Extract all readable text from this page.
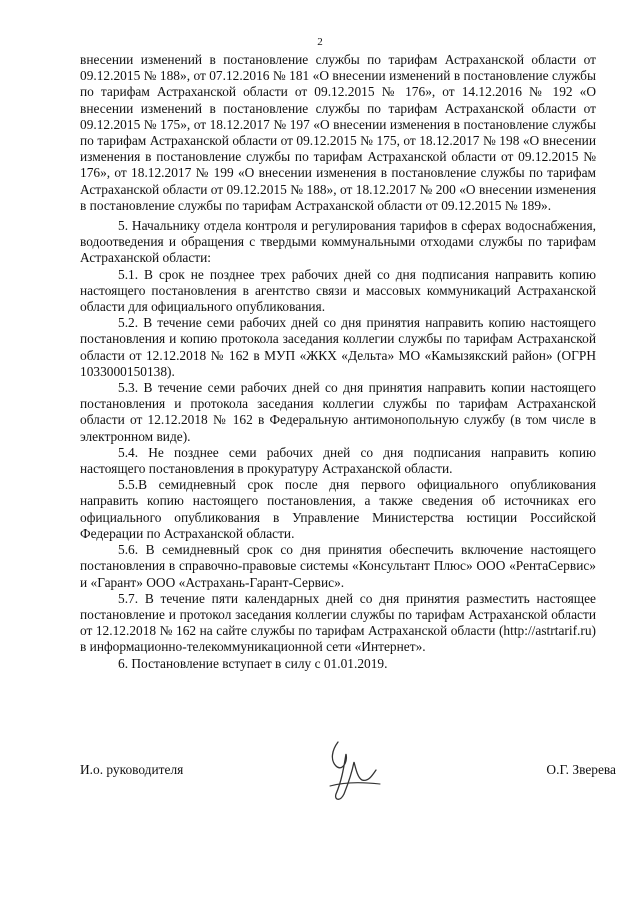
2

внесении изменений в постановление службы по тарифам Астраханской области от 09.12.2015 № 188», от 07.12.2016 № 181 «О внесении изменений в постановление службы по тарифам Астраханской области от 09.12.2015 № 176», от 14.12.2016 № 192 «О внесении изменений в постановление службы по тарифам Астраханской области от 09.12.2015 № 175», от 18.12.2017 № 197 «О внесении изменения в постановление службы по тарифам Астраханской области от 09.12.2015 № 175, от 18.12.2017 № 198 «О внесении изменения в постановление службы по тарифам Астраханской области от 09.12.2015 № 176», от 18.12.2017 № 199 «О внесении изменения в постановление службы по тарифам Астраханской области от 09.12.2015 № 188», от 18.12.2017 № 200 «О внесении изменения в постановление службы по тарифам Астраханской области от 09.12.2015 № 189».

5. Начальнику отдела контроля и регулирования тарифов в сферах водоснабжения, водоотведения и обращения с твердыми коммунальными отходами службы по тарифам Астраханской области:

5.1. В срок не позднее трех рабочих дней со дня подписания направить копию настоящего постановления в агентство связи и массовых коммуникаций Астраханской области для официального опубликования.

5.2. В течение семи рабочих дней со дня принятия направить копию настоящего постановления и копию протокола заседания коллегии службы по тарифам Астраханской области от 12.12.2018 № 162 в МУП «ЖКХ «Дельта» МО «Камызякский район» (ОГРН 1033000150138).

5.3. В течение семи рабочих дней со дня принятия направить копии настоящего постановления и протокола заседания коллегии службы по тарифам Астраханской области от 12.12.2018 № 162 в Федеральную антимонопольную службу (в том числе в электронном виде).

5.4. Не позднее семи рабочих дней со дня подписания направить копию настоящего постановления в прокуратуру Астраханской области.

5.5.В семидневный срок после дня первого официального опубликования направить копию настоящего постановления, а также сведения об источниках его официального опубликования в Управление Министерства юстиции Российской Федерации по Астраханской области.

5.6. В семидневный срок со дня принятия обеспечить включение настоящего постановления в справочно-правовые системы «Консультант Плюс» ООО «РентаСервис» и «Гарант» ООО «Астрахань-Гарант-Сервис».

5.7. В течение пяти календарных дней со дня принятия разместить настоящее постановление и протокол заседания коллегии службы по тарифам Астраханской области от 12.12.2018 № 162 на сайте службы по тарифам Астраханской области (http://astrtarif.ru) в информационно-телекоммуникационной сети «Интернет».

6. Постановление вступает в силу с 01.01.2019.

И.о. руководителя	О.Г. Зверева
